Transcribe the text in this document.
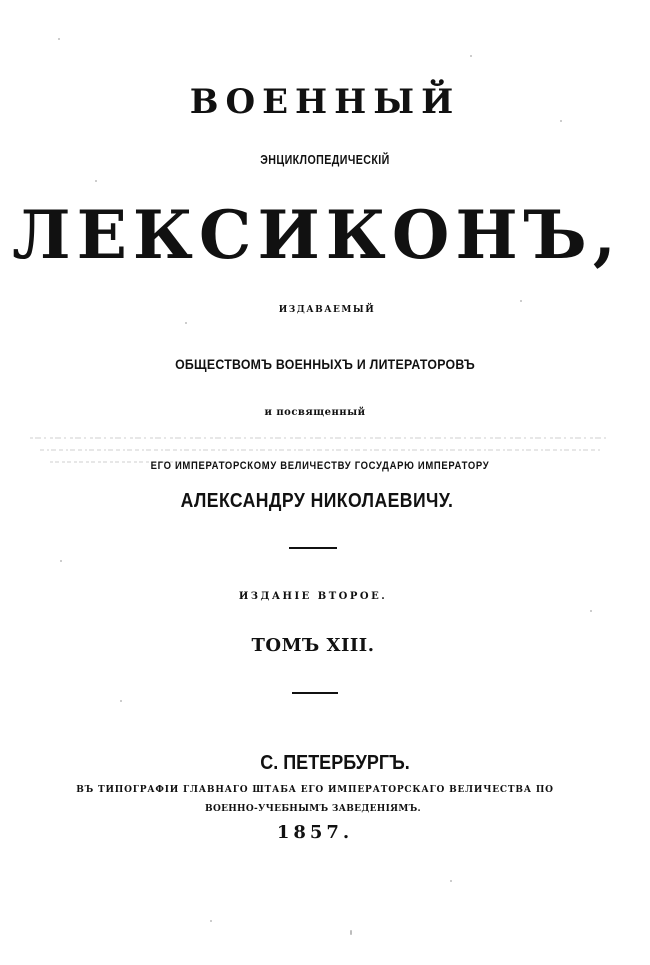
ВОЕННЫЙ
ЭНЦИКЛОПЕДИЧЕСКІЙ
ЛЕКСИКОНЪ,
ИЗДАВАЕМЫЙ
ОБЩЕСТВОМЪ ВОЕННЫХЪ И ЛИТЕРАТОРОВЪ
и посвященный
ЕГО ИМПЕРАТОРСКОМУ ВЕЛИЧЕСТВУ ГОСУДАРЮ ИМПЕРАТОРУ
АЛЕКСАНДРУ НИКОЛАЕВИЧУ.
ИЗДАНІЕ ВТОРОЕ.
ТОМЪ XIII.
С. ПЕТЕРБУРГЪ.
ВЪ ТИПОГРАФІИ ГЛАВНАГО ШТАБА ЕГО ИМПЕРАТОРСКАГО ВЕЛИЧЕСТВА ПО
ВОЕННО-УЧЕБНЫМЪ ЗАВЕДЕНІЯМЪ.
1857.
